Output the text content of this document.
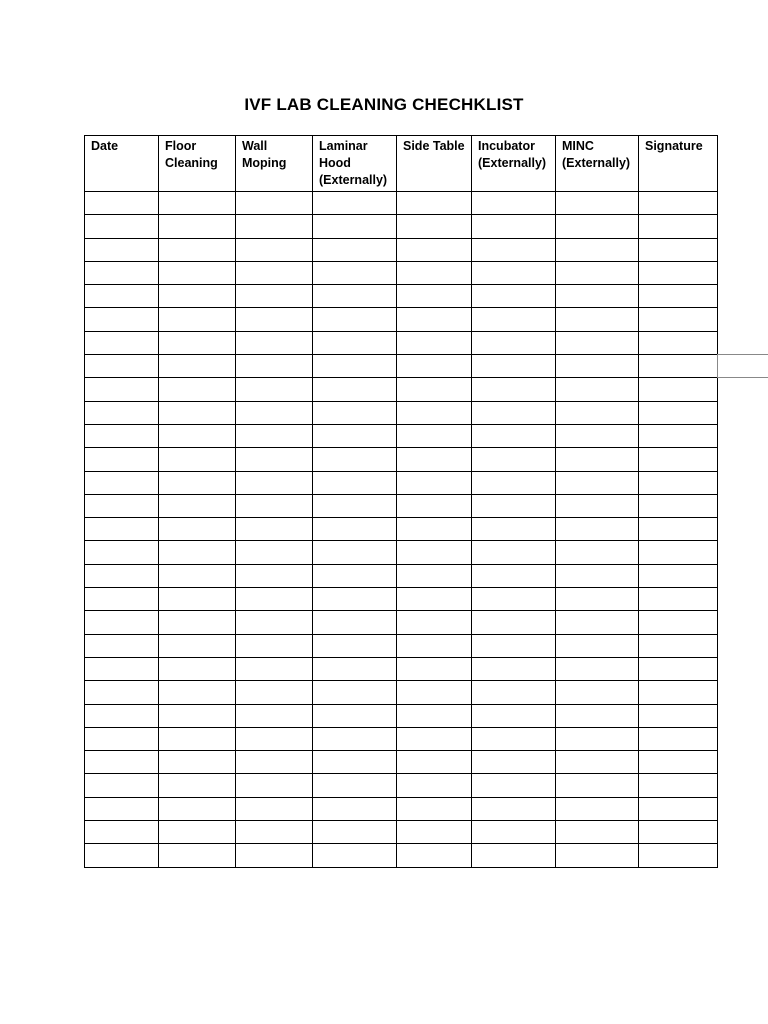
IVF LAB CLEANING CHECHKLIST
Date	Floor Cleaning	Wall Moping	Laminar Hood (Externally)	Side Table	Incubator (Externally)	MINC (Externally)	Signature
